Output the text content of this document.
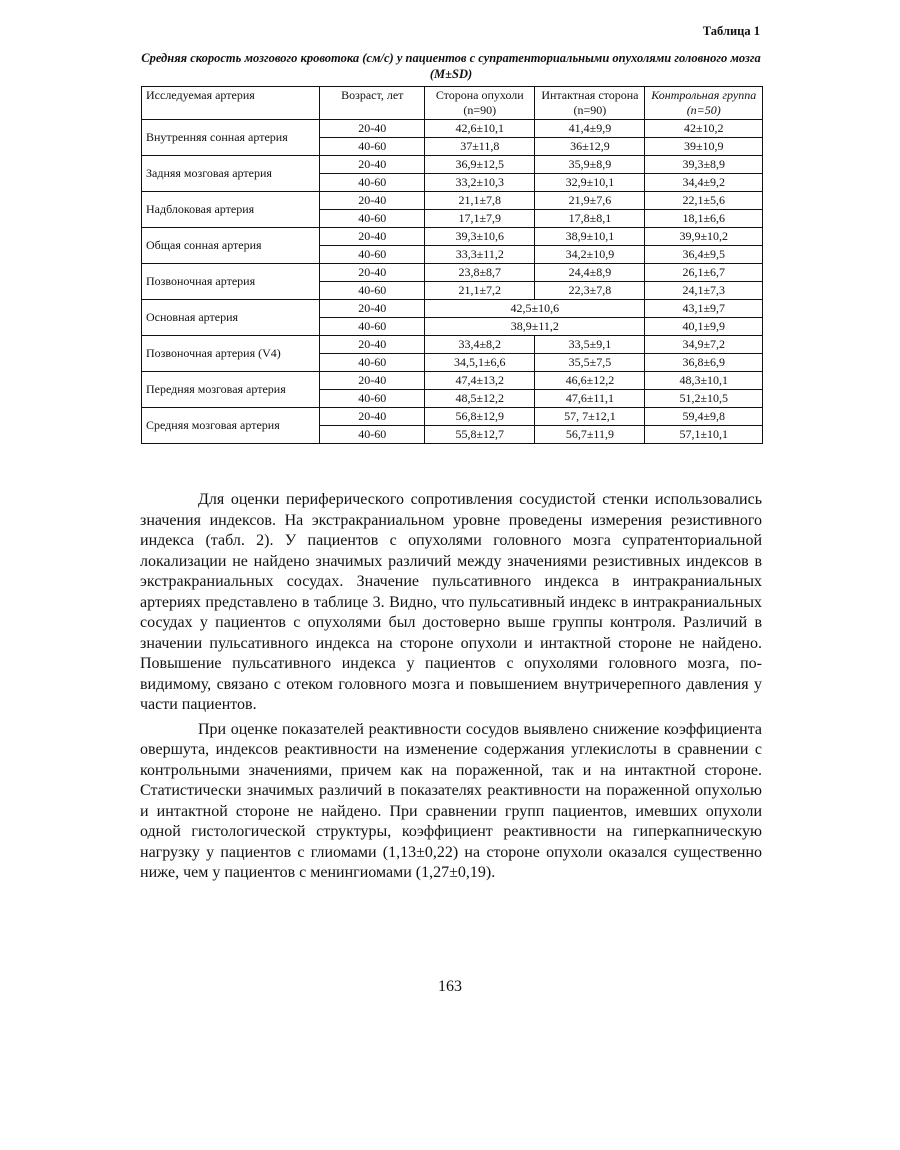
Таблица 1
Средняя скорость мозгового кровотока (см/с) у пациентов с супратенториальными опухолями головного мозга (M±SD)
Исследуемая артерия	Возраст, лет	Сторона опухоли (n=90)	Интактная сторона (n=90)	Контрольная группа (n=50)
Внутренняя сонная артерия	20-40	42,6±10,1	41,4±9,9	42±10,2
	40-60	37±11,8	36±12,9	39±10,9
Задняя мозговая артерия	20-40	36,9±12,5	35,9±8,9	39,3±8,9
	40-60	33,2±10,3	32,9±10,1	34,4±9,2
Надблоковая артерия	20-40	21,1±7,8	21,9±7,6	22,1±5,6
	40-60	17,1±7,9	17,8±8,1	18,1±6,6
Общая сонная артерия	20-40	39,3±10,6	38,9±10,1	39,9±10,2
	40-60	33,3±11,2	34,2±10,9	36,4±9,5
Позвоночная артерия	20-40	23,8±8,7	24,4±8,9	26,1±6,7
	40-60	21,1±7,2	22,3±7,8	24,1±7,3
Основная артерия	20-40	42,5±10,6		43,1±9,7
	40-60	38,9±11,2		40,1±9,9
Позвоночная артерия (V4)	20-40	33,4±8,2	33,5±9,1	34,9±7,2
	40-60	34,5,1±6,6	35,5±7,5	36,8±6,9
Передняя мозговая артерия	20-40	47,4±13,2	46,6±12,2	48,3±10,1
	40-60	48,5±12,2	47,6±11,1	51,2±10,5
Средняя мозговая артерия	20-40	56,8±12,9	57, 7±12,1	59,4±9,8
	40-60	55,8±12,7	56,7±11,9	57,1±10,1

Для оценки периферического сопротивления сосудистой стенки использовались значения индексов. На экстракраниальном уровне проведены измерения резистивного индекса (табл. 2). У пациентов с опухолями головного мозга супратенториальной локализации не найдено значимых различий между значениями резистивных индексов в экстракраниальных сосудах. Значение пульсативного индекса в интракраниальных артериях представлено в таблице 3. Видно, что пульсативный индекс в интракраниальных сосудах у пациентов с опухолями был достоверно выше группы контроля. Различий в значении пульсативного индекса на стороне опухоли и интактной стороне не найдено. Повышение пульсативного индекса у пациентов с опухолями головного мозга, по-видимому, связано с отеком головного мозга и повышением внутричерепного давления у части пациентов.

При оценке показателей реактивности сосудов выявлено снижение коэффициента овершута, индексов реактивности на изменение содержания углекислоты в сравнении с контрольными значениями, причем как на пораженной, так и на интактной стороне. Статистически значимых различий в показателях реактивности на пораженной опухолью и интактной стороне не найдено. При сравнении групп пациентов, имевших опухоли одной гистологической структуры, коэффициент реактивности на гиперкапническую нагрузку у пациентов с глиомами (1,13±0,22) на стороне опухоли оказался существенно ниже, чем у пациентов с менингиомами (1,27±0,19).

163
